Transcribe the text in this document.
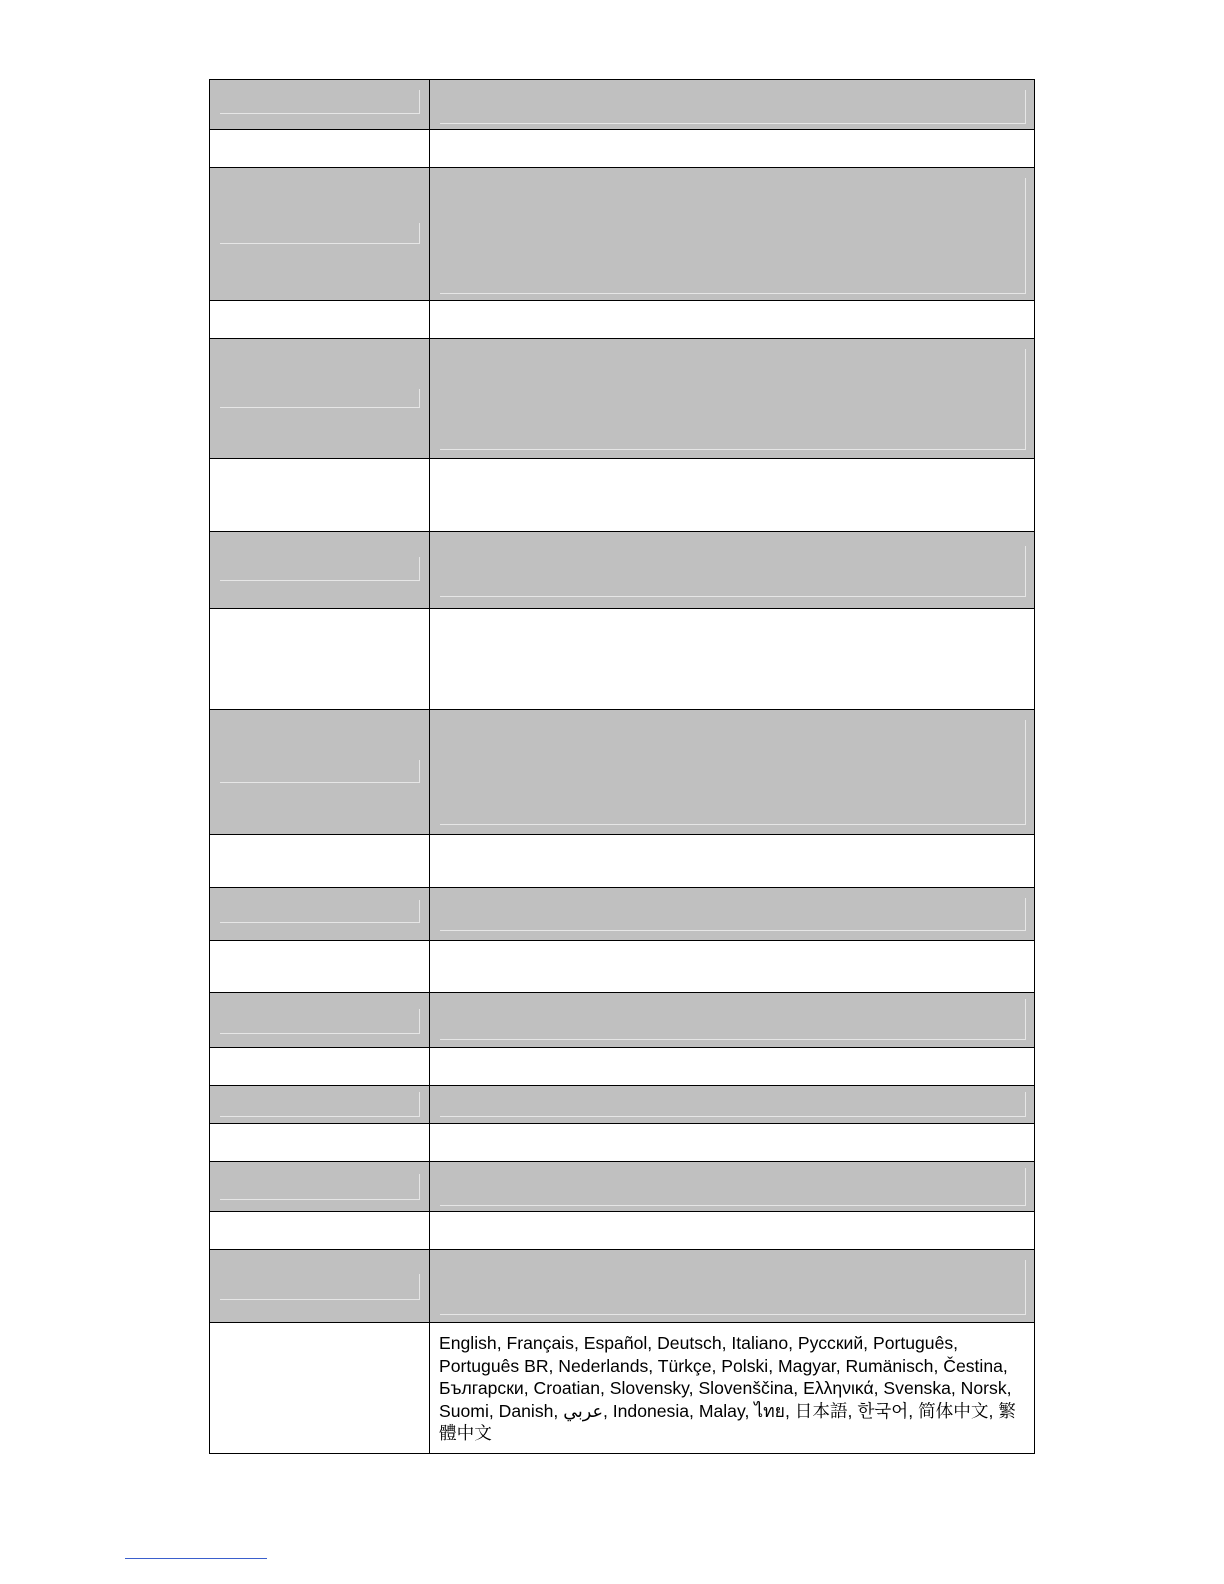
	English, Français, Español, Deutsch, Italiano, Русский, Português, Português BR, Nederlands, Türkçe, Polski, Magyar, Rumänisch, Čestina, Български, Croatian, Slovensky, Slovenščina, Ελληνικά, Svenska, Norsk, Suomi, Danish, عربي, Indonesia, Malay, ไทย, 日本語, 한국어, 简体中文, 繁體中文
